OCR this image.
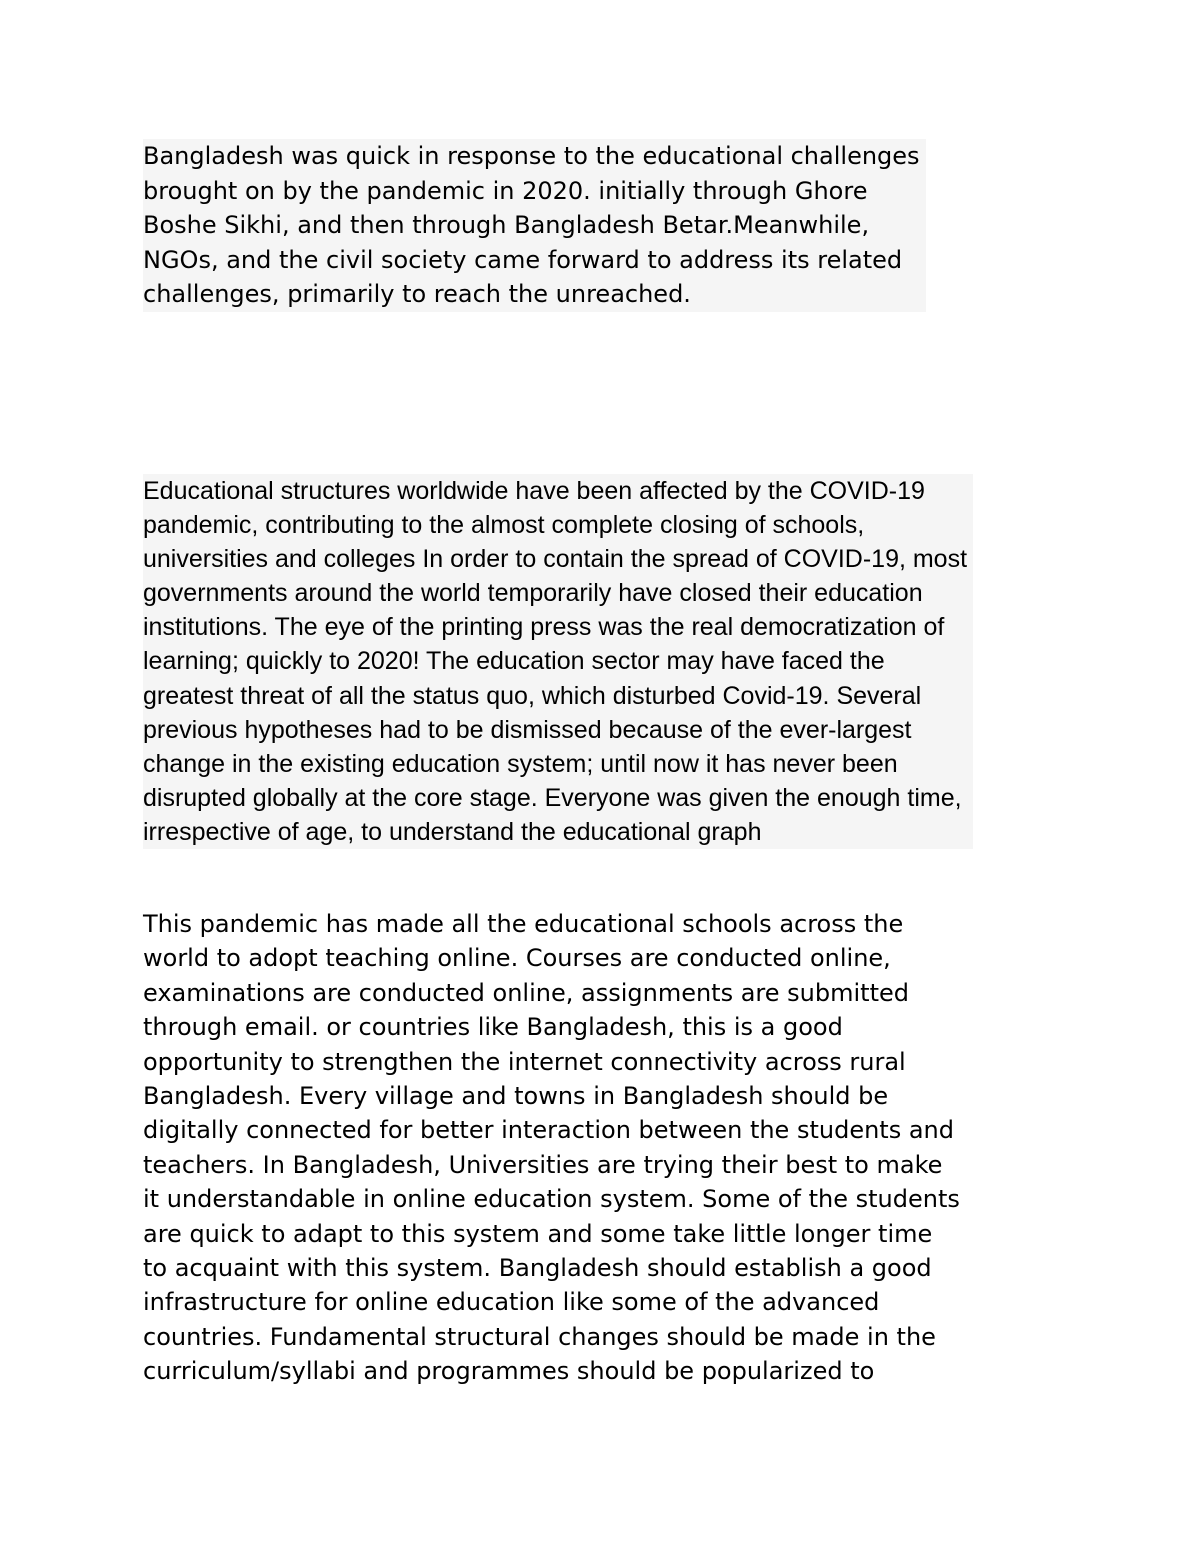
Bangladesh was quick in response to the educational challenges
brought on by the pandemic in 2020. initially through Ghore
Boshe Sikhi, and then through Bangladesh Betar.Meanwhile,
NGOs, and the civil society came forward to address its related
challenges, primarily to reach the unreached.

Educational structures worldwide have been affected by the COVID-19
pandemic, contributing to the almost complete closing of schools,
universities and colleges In order to contain the spread of COVID-19, most
governments around the world temporarily have closed their education
institutions. The eye of the printing press was the real democratization of
learning; quickly to 2020! The education sector may have faced the
greatest threat of all the status quo, which disturbed Covid-19. Several
previous hypotheses had to be dismissed because of the ever-largest
change in the existing education system; until now it has never been
disrupted globally at the core stage. Everyone was given the enough time,
irrespective of age, to understand the educational graph

This pandemic has made all the educational schools across the
world to adopt teaching online. Courses are conducted online,
examinations are conducted online, assignments are submitted
through email. or countries like Bangladesh, this is a good
opportunity to strengthen the internet connectivity across rural
Bangladesh. Every village and towns in Bangladesh should be
digitally connected for better interaction between the students and
teachers. In Bangladesh, Universities are trying their best to make
it understandable in online education system. Some of the students
are quick to adapt to this system and some take little longer time
to acquaint with this system. Bangladesh should establish a good
infrastructure for online education like some of the advanced
countries. Fundamental structural changes should be made in the
curriculum/syllabi and programmes should be popularized to
